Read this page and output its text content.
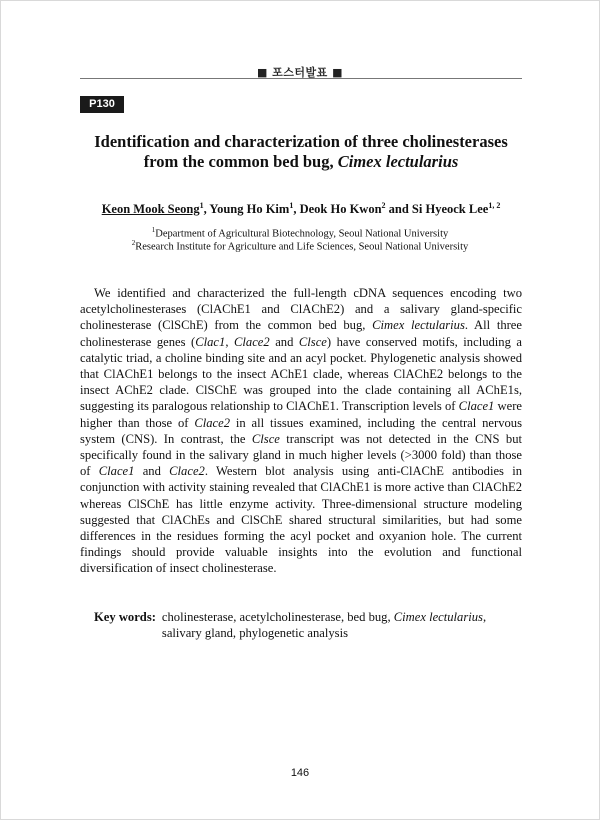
■ 포스터발표 ■
P130
Identification and characterization of three cholinesterases
from the common bed bug, Cimex lectularius
Keon Mook Seong$^1$, Young Ho Kim$^1$, Deok Ho Kwon$^2$ and Si Hyeock Lee$^{1, 2}$
$^1$Department of Agricultural Biotechnology, Seoul National University
$^2$Research Institute for Agriculture and Life Sciences, Seoul National University

We identified and characterized the full-length cDNA sequences encoding two acetylcholinesterases (ClAChE1 and ClAChE2) and a salivary gland-specific cholinesterase (ClSChE) from the common bed bug, Cimex lectularius. All three cholinesterase genes (Clac1, Clace2 and Clsce) have conserved motifs, including a catalytic triad, a choline binding site and an acyl pocket. Phylogenetic analysis showed that ClAChE1 belongs to the insect AChE1 clade, whereas ClAChE2 belongs to the insect AChE2 clade. ClSChE was grouped into the clade containing all AChE1s, suggesting its paralogous relationship to ClAChE1. Transcription levels of Clace1 were higher than those of Clace2 in all tissues examined, including the central nervous system (CNS). In contrast, the Clsce transcript was not detected in the CNS but specifically found in the salivary gland in much higher levels (>3000 fold) than those of Clace1 and Clace2. Western blot analysis using anti-ClAChE antibodies in conjunction with activity staining revealed that ClAChE1 is more active than ClAChE2 whereas ClSChE has little enzyme activity. Three-dimensional structure modeling suggested that ClAChEs and ClSChE shared structural similarities, but had some differences in the residues forming the acyl pocket and oxyanion hole. The current findings should provide valuable insights into the evolution and functional diversification of insect cholinesterase.

Key words: cholinesterase, acetylcholinesterase, bed bug, Cimex lectularius, salivary gland, phylogenetic analysis
146
